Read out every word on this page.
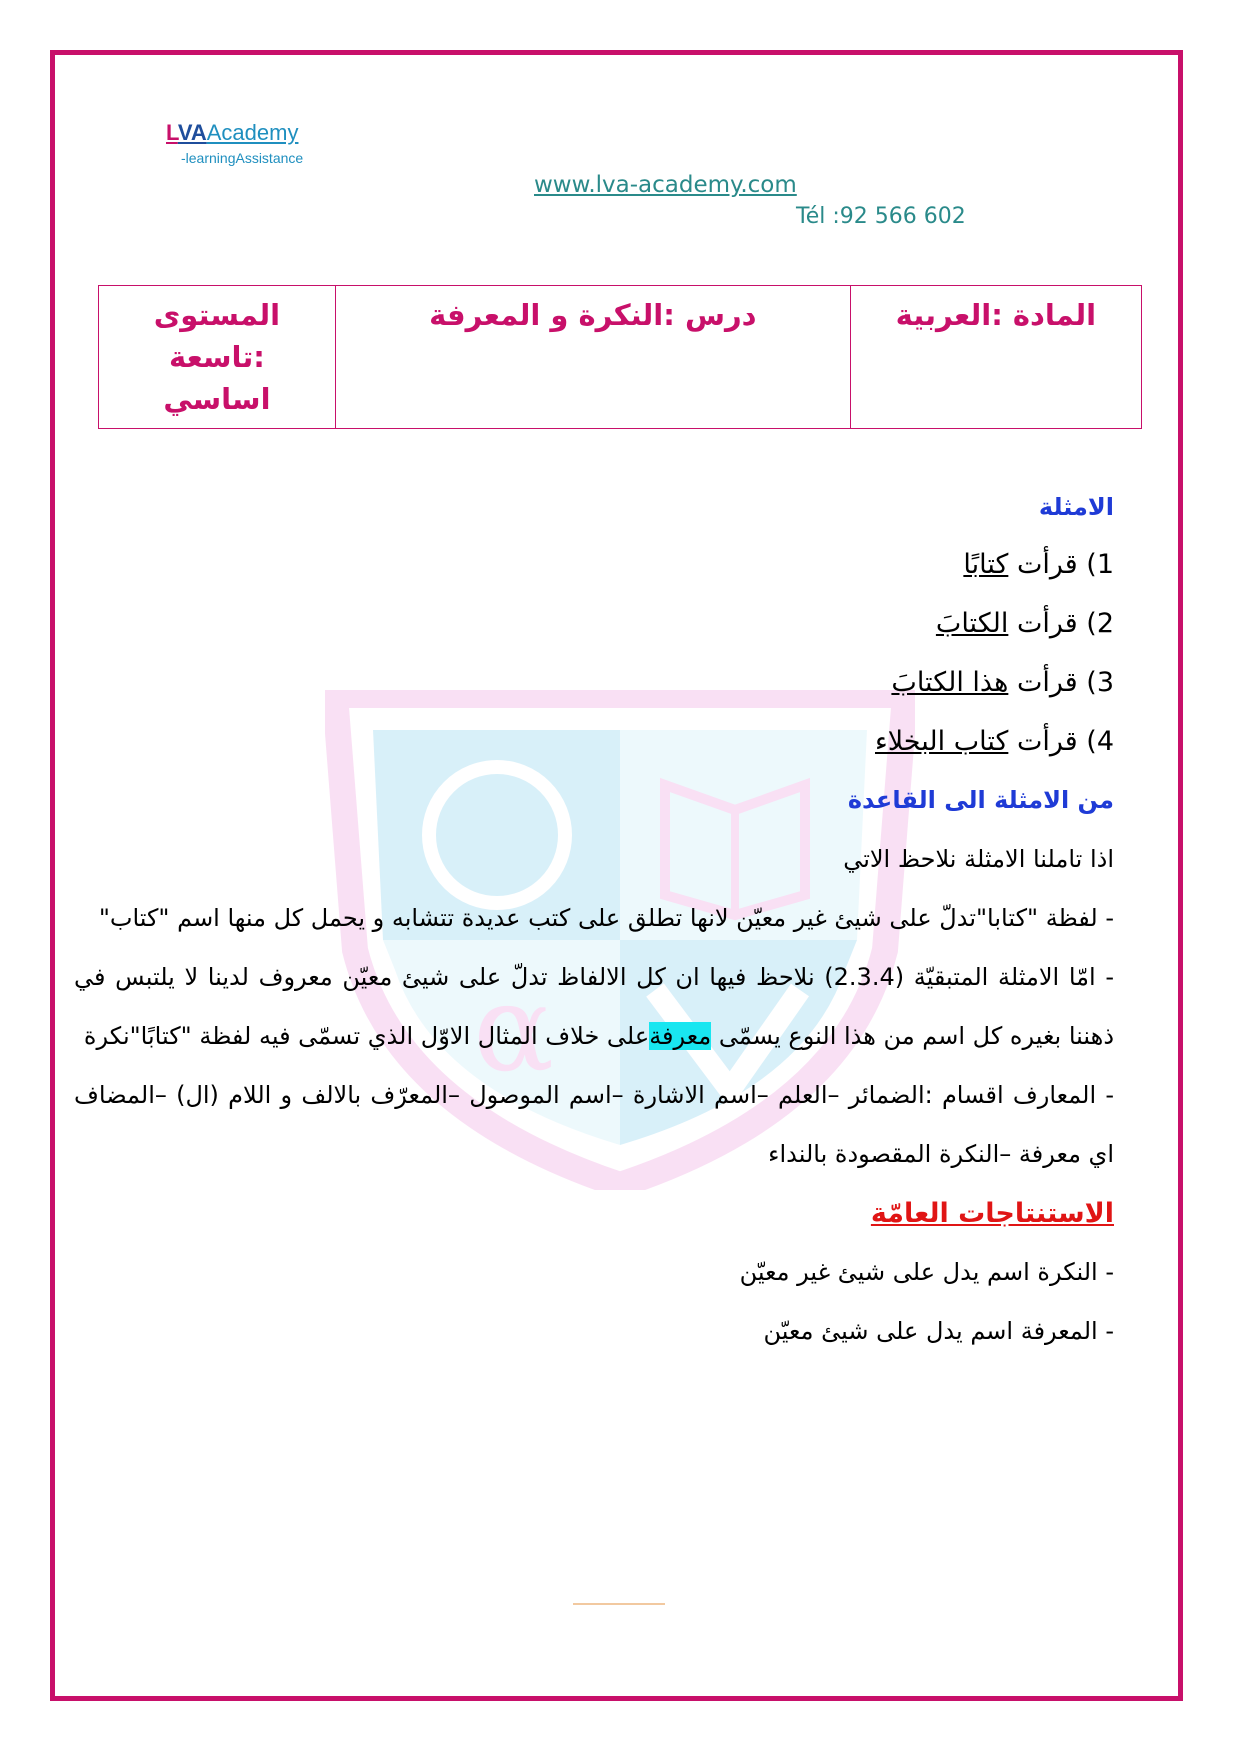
LVAAcademy
-learningAssistance
www.lva-academy.com
Tél :92 566 602
المادة :العربية	درس :النكرة و المعرفة	المستوى :تاسعة اساسي
α

الامثلة

1) قرأت كتابًا

2) قرأت الكتابَ

3) قرأت هذا الكتابَ

4) قرأت كتاب البخلاء

من الامثلة الى القاعدة

اذا تاملنا الامثلة نلاحظ الاتي

- لفظة "كتابا"تدلّ على شيئ غير معيّن لانها تطلق على كتب عديدة تتشابه و يحمل كل منها اسم "كتاب"

- امّا الامثلة المتبقيّة (2.3.4) نلاحظ فيها ان كل الالفاظ تدلّ على شيئ معيّن معروف لدينا لا يلتبس في ذهننا بغيره كل اسم من هذا النوع يسمّى معرفةعلى خلاف المثال الاوّل الذي تسمّى فيه لفظة "كتابًا"نكرة

- المعارف اقسام :الضمائر –العلم –اسم الاشارة –اسم الموصول –المعرّف بالالف و اللام (ال) –المضاف اي معرفة –النكرة المقصودة بالنداء

الاستنتاجات العامّة

- النكرة اسم يدل على شيئ غير معيّن

- المعرفة اسم يدل على شيئ معيّن
